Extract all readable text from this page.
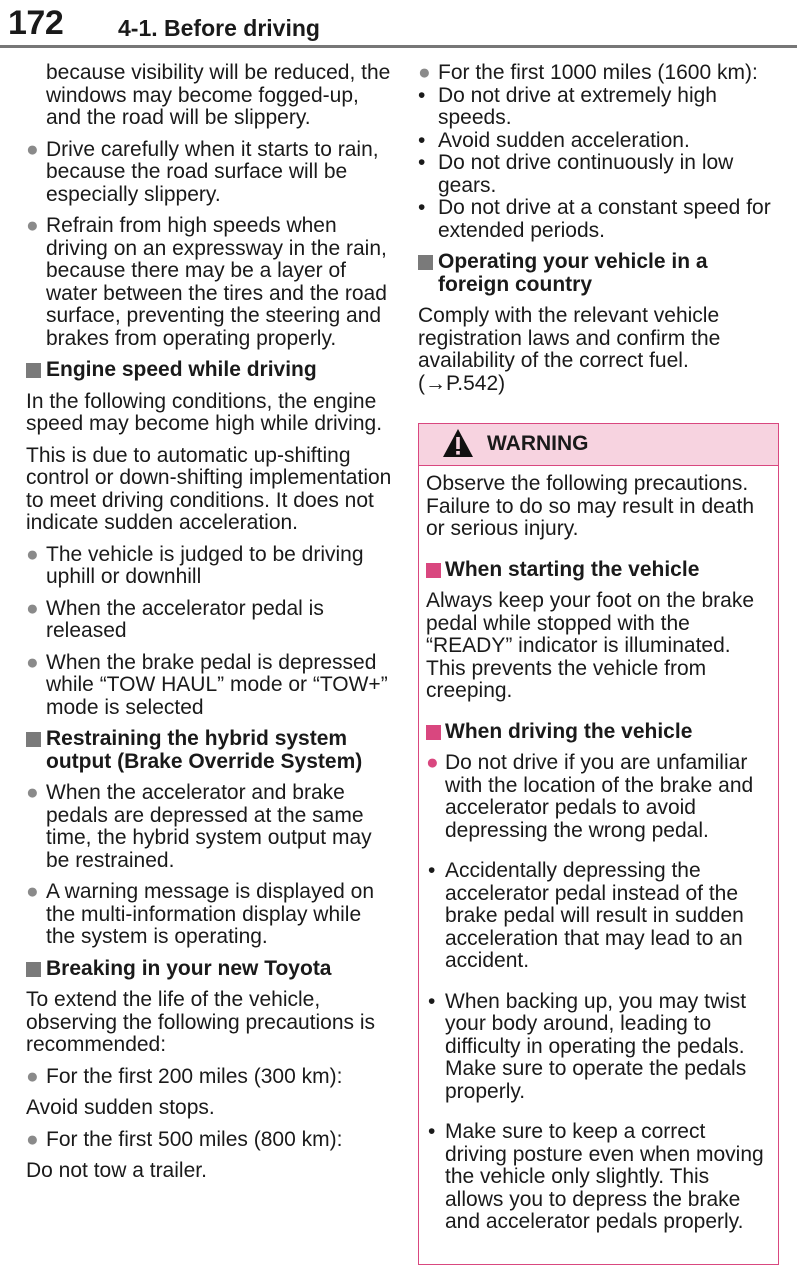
172 4-1. Before driving

because visibility will be reduced, the windows may become fogged-up, and the road will be slippery.

● Drive carefully when it starts to rain, because the road surface will be especially slippery.
● Refrain from high speeds when driving on an expressway in the rain, because there may be a layer of water between the tires and the road surface, preventing the steering and brakes from operating properly.
Engine speed while driving

In the following conditions, the engine speed may become high while driving.

This is due to automatic up-shifting control or down-shifting implementation to meet driving conditions. It does not indicate sudden acceleration.

● The vehicle is judged to be driving uphill or downhill
● When the accelerator pedal is released
● When the brake pedal is depressed while “TOW HAUL” mode or “TOW+” mode is selected
Restraining the hybrid system output (Brake Override System)
● When the accelerator and brake pedals are depressed at the same time, the hybrid system output may be restrained.
● A warning message is displayed on the multi-information display while the system is operating.
Breaking in your new Toyota

To extend the life of the vehicle, observing the following precautions is recommended:

● For the first 200 miles (300 km):

Avoid sudden stops.

● For the first 500 miles (800 km):

Do not tow a trailer.

● For the first 1000 miles (1600 km):
• Do not drive at extremely high speeds.
• Avoid sudden acceleration.
• Do not drive continuously in low gears.
• Do not drive at a constant speed for extended periods.
Operating your vehicle in a foreign country

Comply with the relevant vehicle registration laws and confirm the availability of the correct fuel. (→P.542)

WARNING

Observe the following precautions. Failure to do so may result in death or serious injury.

When starting the vehicle

Always keep your foot on the brake pedal while stopped with the “READY” indicator is illuminated. This prevents the vehicle from creeping.

When driving the vehicle
● Do not drive if you are unfamiliar with the location of the brake and accelerator pedals to avoid depressing the wrong pedal.
• Accidentally depressing the accelerator pedal instead of the brake pedal will result in sudden acceleration that may lead to an accident.
• When backing up, you may twist your body around, leading to difficulty in operating the pedals. Make sure to operate the pedals properly.
• Make sure to keep a correct driving posture even when moving the vehicle only slightly. This allows you to depress the brake and accelerator pedals properly.
